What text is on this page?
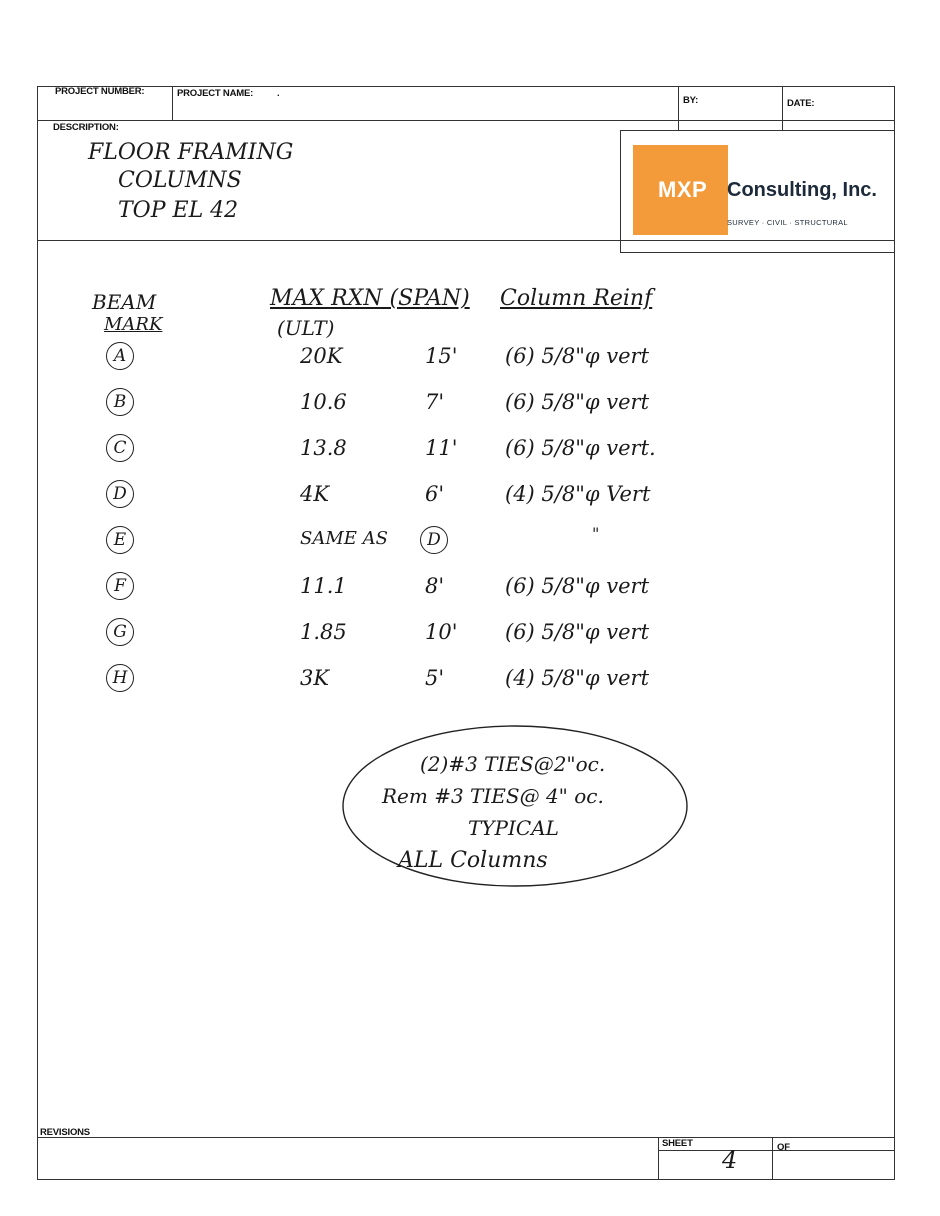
PROJECT NUMBER:	PROJECT NAME:	.
BY:	DATE:
DESCRIPTION:
FLOOR FRAMING
COLUMNS
TOP EL 42
MXP Consulting, Inc.
SURVEY · CIVIL · STRUCTURAL
BEAM
MARK
MAX RXN (SPAN)
(ULT)
Column Reinf
A	20K	15' (6) 5/8"φ vert
B	10.6	7'	(6) 5/8"φ vert
C	13.8	11' (6) 5/8"φ vert.
D	4K	6'	(4) 5/8"φ Vert
E	SAME AS	D	"
F	11.1	8'	(6) 5/8"φ vert
G	1.85	10' (6) 5/8"φ vert
H	3K	5'	(4) 5/8"φ vert
(2)#3 TIES@2"oc.
Rem #3 TIES@ 4" oc.
TYPICAL
ALL Columns
REVISIONS
SHEET	OF
4
